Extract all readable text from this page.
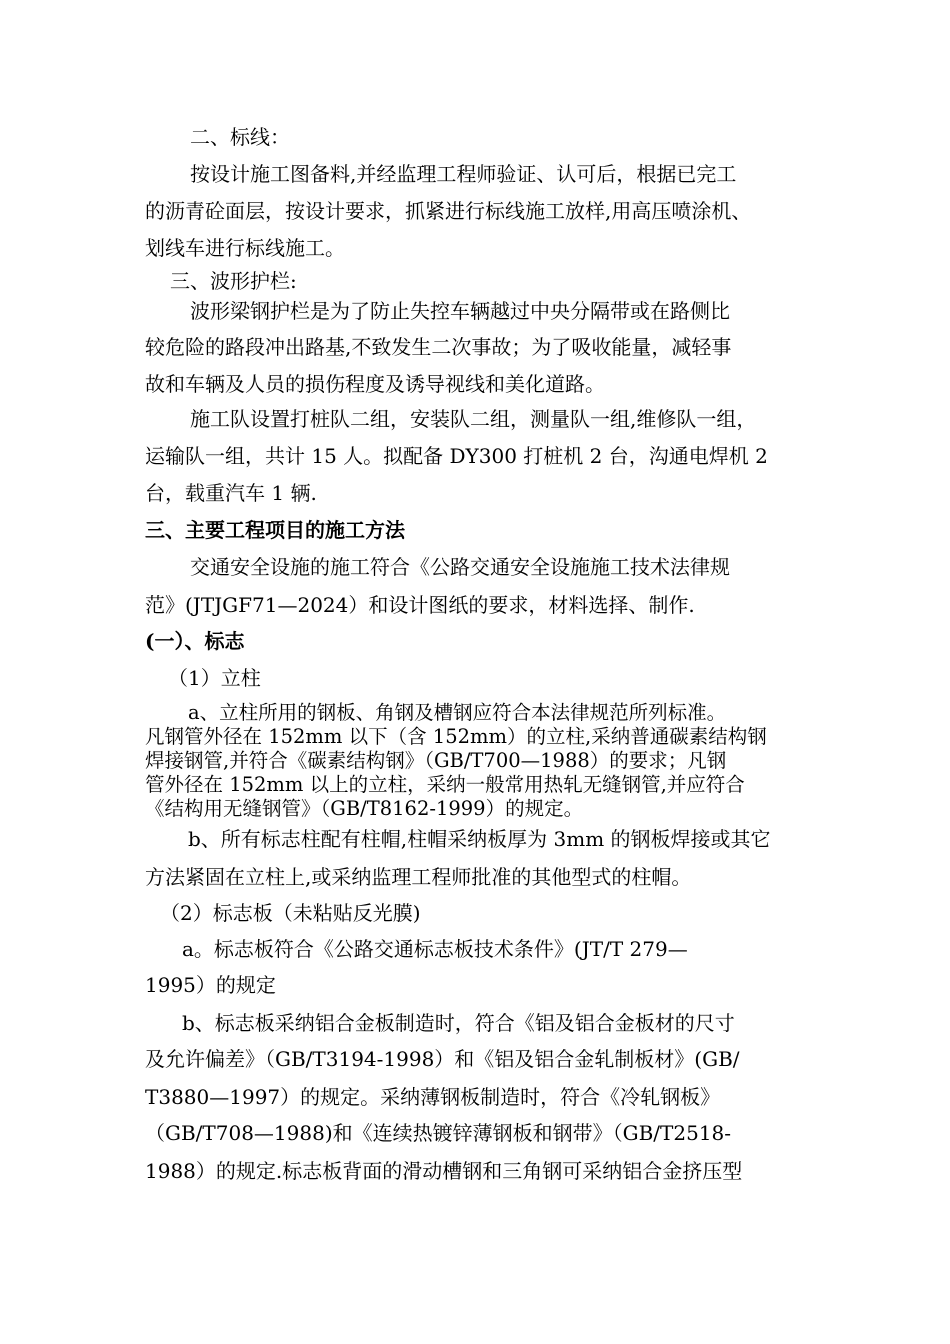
二、标线：
按设计施工图备料,并经监理工程师验证、认可后，根据已完工
的沥青砼面层，按设计要求，抓紧进行标线施工放样,用高压喷涂机、
划线车进行标线施工。
三、波形护栏:
波形梁钢护栏是为了防止失控车辆越过中央分隔带或在路侧比
较危险的路段冲出路基,不致发生二次事故；为了吸收能量，减轻事
故和车辆及人员的损伤程度及诱导视线和美化道路。
施工队设置打桩队二组，安装队二组，测量队一组,维修队一组，
运输队一组，共计 15 人。拟配备 DY300 打桩机 2 台，沟通电焊机 2
台，载重汽车 1 辆.
三、主要工程项目的施工方法
交通安全设施的施工符合《公路交通安全设施施工技术法律规
范》(JTJGF71—2024）和设计图纸的要求，材料选择、制作.
(一）、标志
（1）立柱
a、立柱所用的钢板、角钢及槽钢应符合本法律规范所列标准。
凡钢管外径在 152mm 以下（含 152mm）的立柱,采纳普通碳素结构钢
焊接钢管,并符合《碳素结构钢》（GB/T700—1988）的要求；凡钢
管外径在 152mm 以上的立柱，采纳一般常用热轧无缝钢管,并应符合
《结构用无缝钢管》（GB/T8162-1999）的规定。
b、所有标志柱配有柱帽,柱帽采纳板厚为 3mm 的钢板焊接或其它
方法紧固在立柱上,或采纳监理工程师批准的其他型式的柱帽。
（2）标志板（未粘贴反光膜)
a。标志板符合《公路交通标志板技术条件》(JT/T 279—
1995）的规定
b、标志板采纳铝合金板制造时，符合《铝及铝合金板材的尺寸
及允许偏差》（GB/T3194-1998）和《铝及铝合金轧制板材》(GB/
T3880—1997）的规定。采纳薄钢板制造时，符合《冷轧钢板》
（GB/T708—1988)和《连续热镀锌薄钢板和钢带》（GB/T2518-
1988）的规定.标志板背面的滑动槽钢和三角钢可采纳铝合金挤压型
